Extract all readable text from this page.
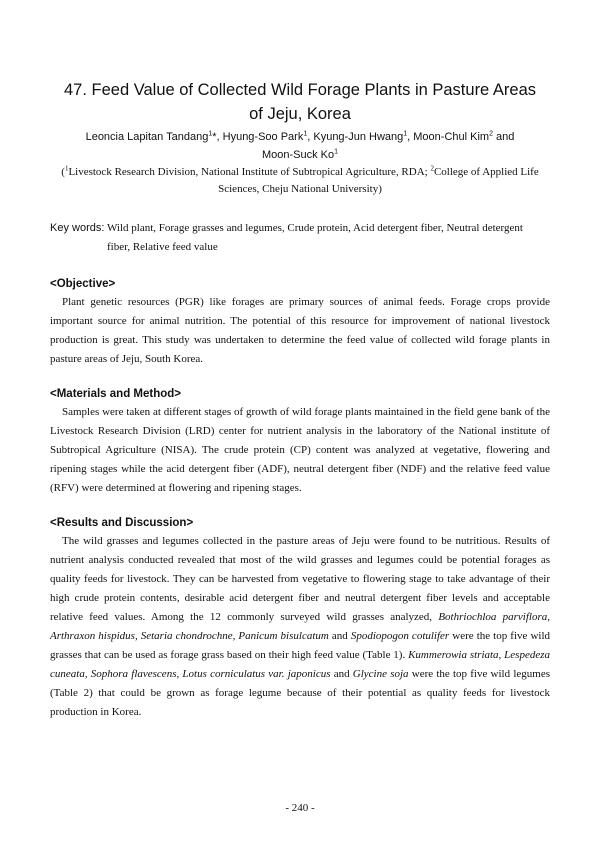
47. Feed Value of Collected Wild Forage Plants in Pasture Areas
of Jeju, Korea
Leoncia Lapitan Tandang$^1$*, Hyung-Soo Park$^1$, Kyung-Jun Hwang$^1$, Moon-Chul Kim$^2$ and
Moon-Suck Ko$^1$
($^1$Livestock Research Division, National Institute of Subtropical Agriculture, RDA; $^2$College of Applied Life
Sciences, Cheju National University)
Key words: Wild plant, Forage grasses and legumes, Crude protein, Acid detergent fiber, Neutral detergent
fiber, Relative feed value
<Objective>
Plant genetic resources (PGR) like forages are primary sources of animal feeds. Forage crops provide important source for animal nutrition. The potential of this resource for improvement of national livestock production is great. This study was undertaken to determine the feed value of collected wild forage plants in pasture areas of Jeju, South Korea.
<Materials and Method>
Samples were taken at different stages of growth of wild forage plants maintained in the field gene bank of the Livestock Research Division (LRD) center for nutrient analysis in the laboratory of the National institute of Subtropical Agriculture (NISA). The crude protein (CP) content was analyzed at vegetative, flowering and ripening stages while the acid detergent fiber (ADF), neutral detergent fiber (NDF) and the relative feed value (RFV) were determined at flowering and ripening stages.
<Results and Discussion>
The wild grasses and legumes collected in the pasture areas of Jeju were found to be nutritious. Results of nutrient analysis conducted revealed that most of the wild grasses and legumes could be potential forages as quality feeds for livestock. They can be harvested from vegetative to flowering stage to take advantage of their high crude protein contents, desirable acid detergent fiber and neutral detergent fiber levels and acceptable relative feed values. Among the 12 commonly surveyed wild grasses analyzed, Bothriochloa parviflora, Arthraxon hispidus, Setaria chondrochne, Panicum bisulcatum and Spodiopogon cotulifer were the top five wild grasses that can be used as forage grass based on their high feed value (Table 1). Kummerowia striata, Lespedeza cuneata, Sophora flavescens, Lotus corniculatus var. japonicus and Glycine soja were the top five wild legumes (Table 2) that could be grown as forage legume because of their potential as quality feeds for livestock production in Korea.
- 240 -
